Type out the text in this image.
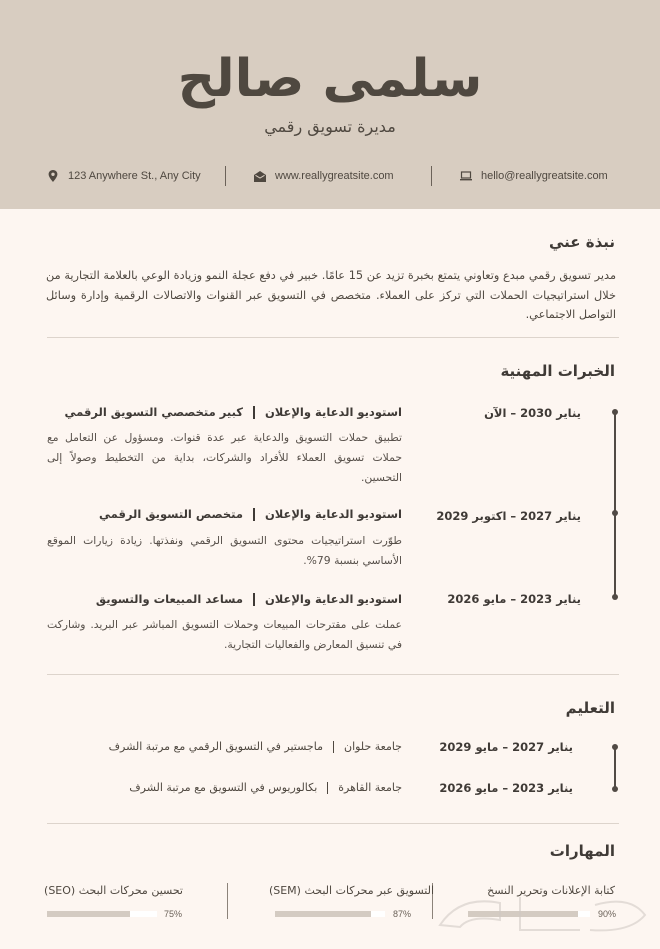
سلمى صالح
مديرة تسويق رقمي
123 Anywhere St., Any City	www.reallygreatsite.com	hello@reallygreatsite.com
نبذة عني
مدير تسويق رقمي مبدع وتعاوني يتمتع بخبرة تزيد عن 15 عامًا. خبير في دفع عجلة النمو وزيادة الوعي بالعلامة التجارية من خلال استراتيجيات الحملات التي تركز على العملاء. متخصص في التسويق عبر القنوات والاتصالات الرقمية وإدارة وسائل التواصل الاجتماعي.
الخبرات المهنية
يناير 2030 – الآن
استوديو الدعاية والإعلان
كبير متخصصي التسويق الرقمي
تطبيق حملات التسويق والدعاية عبر عدة قنوات. ومسؤول عن التعامل مع حملات تسويق العملاء للأفراد والشركات، بداية من التخطيط وصولاً إلى التحسين.
يناير 2027 – اكتوبر 2029
استوديو الدعاية والإعلان
متخصص التسويق الرقمي
طوّرت استراتيجيات محتوى التسويق الرقمي ونفذتها. زيادة زيارات الموقع الأساسي بنسبة 79%.
يناير 2023 – مايو 2026
استوديو الدعاية والإعلان
مساعد المبيعات والتسويق
عملت على مقترحات المبيعات وحملات التسويق المباشر عبر البريد. وشاركت في تنسيق المعارض والفعاليات التجارية.
التعليم
يناير 2027 – مايو 2029
جامعة حلوان
ماجستير في التسويق الرقمي مع مرتبة الشرف
يناير 2023 – مايو 2026
جامعة القاهرة
بكالوريوس في التسويق مع مرتبة الشرف
المهارات
كتابة الإعلانات وتحرير النسخ
90%
التسويق عبر محركات البحث (SEM)
87%
تحسين محركات البحث (SEO)
75%
